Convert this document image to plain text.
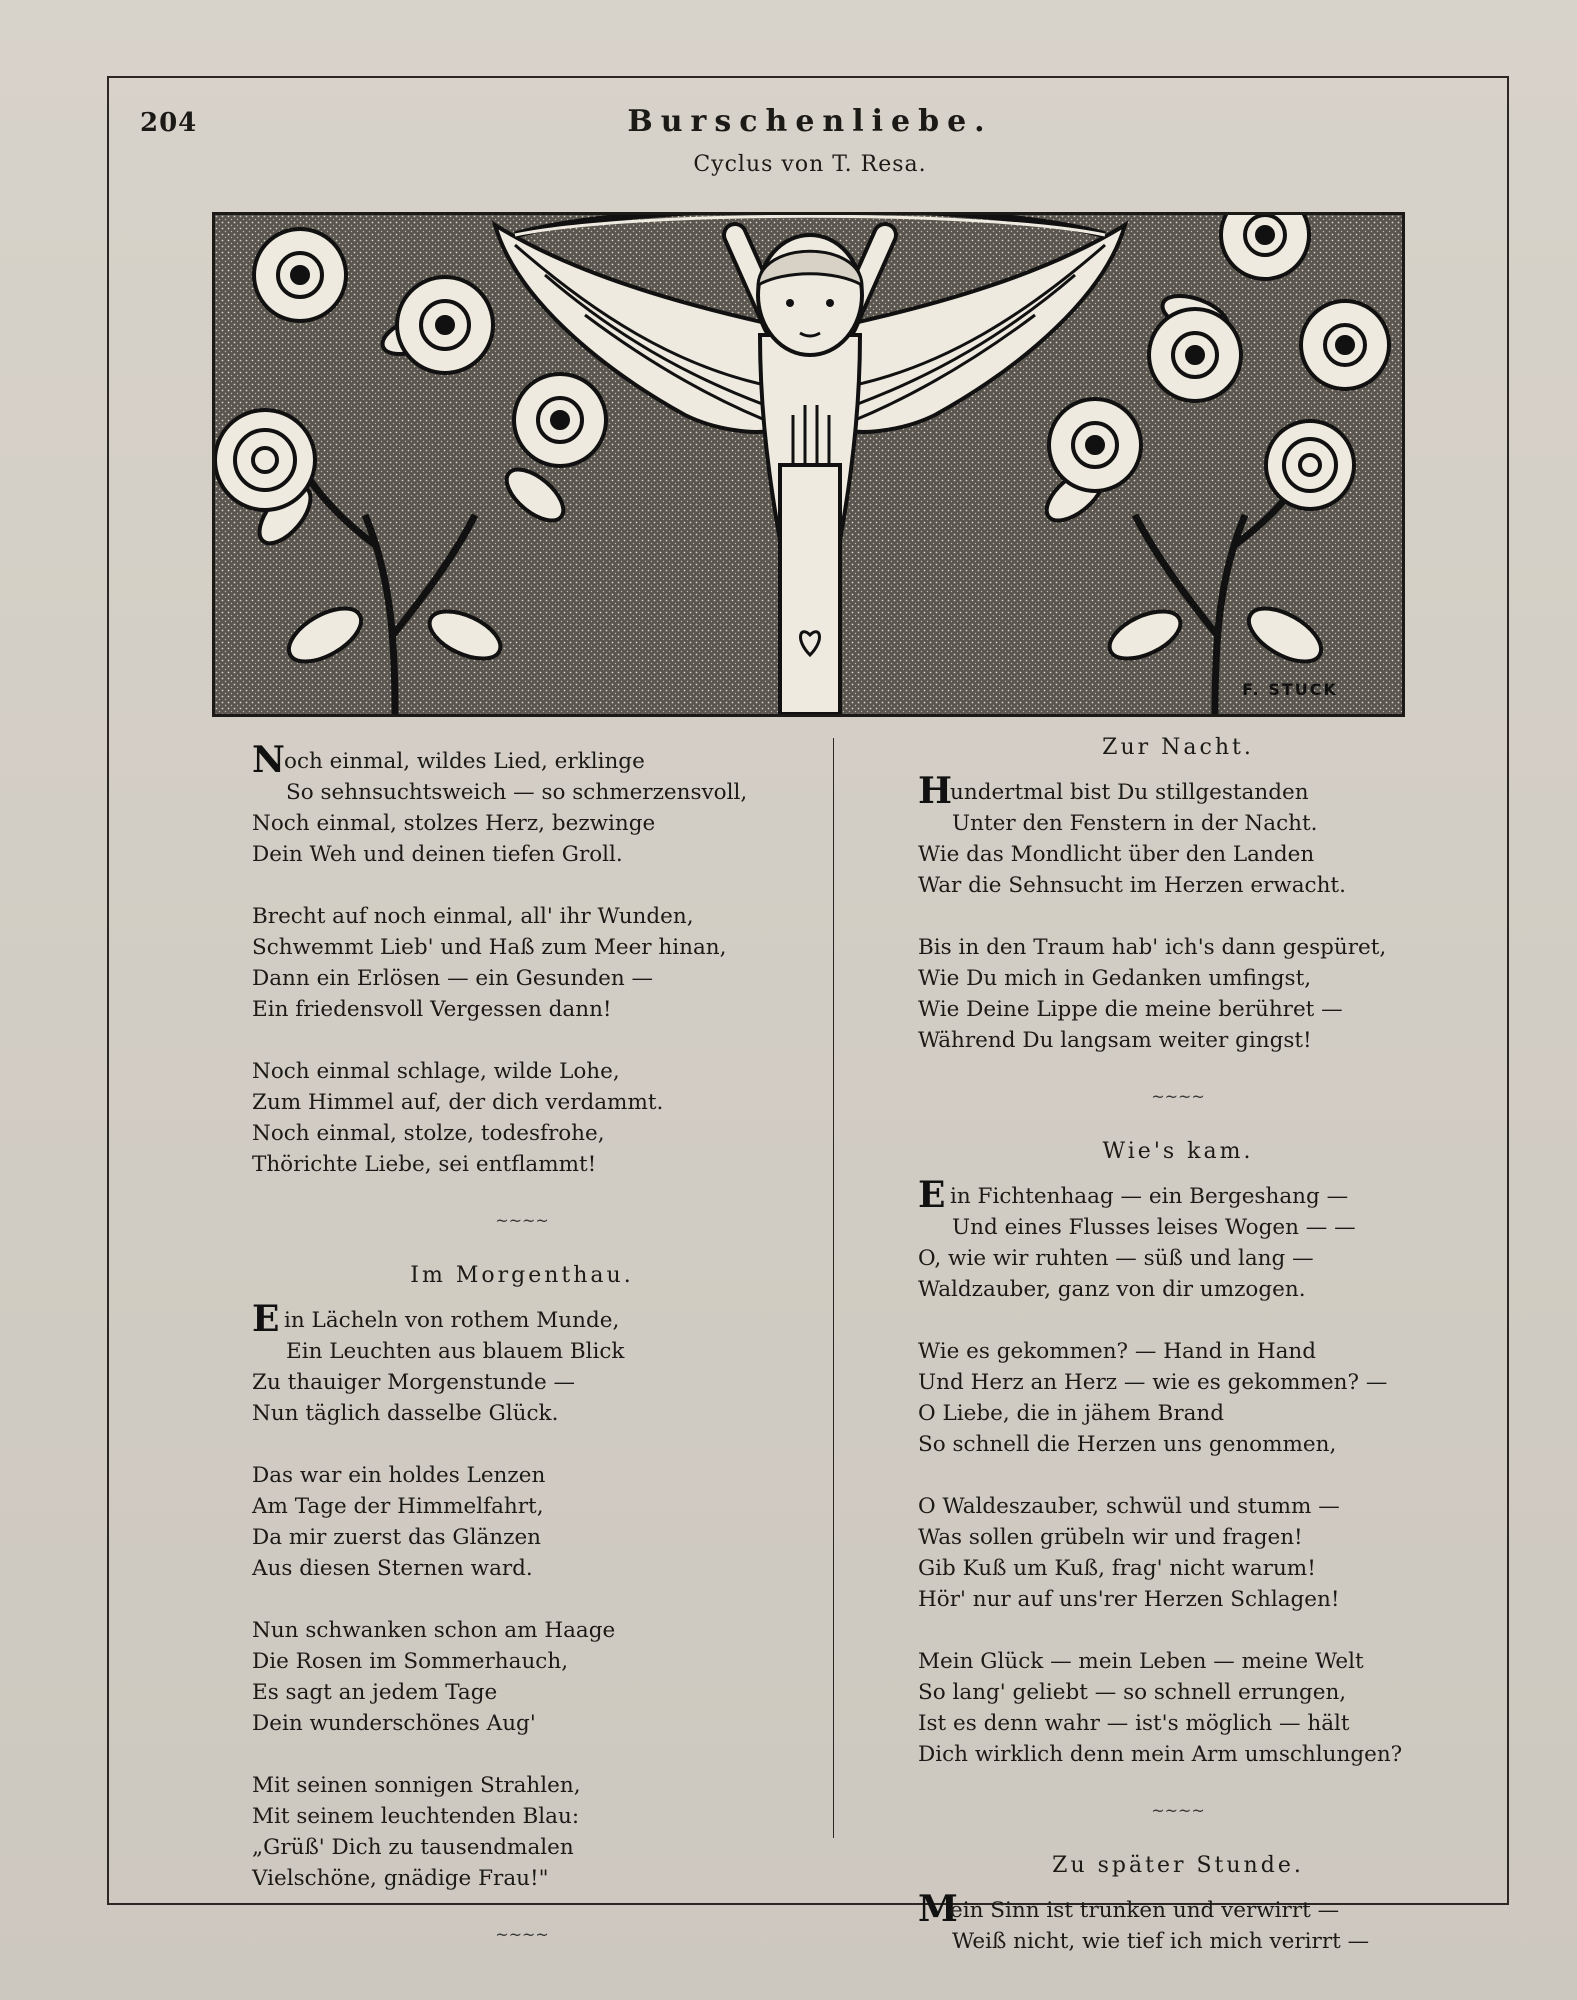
204	Burschenliebe.
Cyclus von T. Resa.
F. STUCK
Noch einmal, wildes Lied, erklinge
So sehnsuchtsweich — so schmerzensvoll,
Noch einmal, stolzes Herz, bezwinge
Dein Weh und deinen tiefen Groll.
Brecht auf noch einmal, all' ihr Wunden,
Schwemmt Lieb' und Haß zum Meer hinan,
Dann ein Erlösen — ein Gesunden —
Ein friedensvoll Vergessen dann!
Noch einmal schlage, wilde Lohe,
Zum Himmel auf, der dich verdammt.
Noch einmal, stolze, todesfrohe,
Thörichte Liebe, sei entflammt!
~~~~
Im Morgenthau.
Ein Lächeln von rothem Munde,
Ein Leuchten aus blauem Blick
Zu thauiger Morgenstunde —
Nun täglich dasselbe Glück.
Das war ein holdes Lenzen
Am Tage der Himmelfahrt,
Da mir zuerst das Glänzen
Aus diesen Sternen ward.
Nun schwanken schon am Haage
Die Rosen im Sommerhauch,
Es sagt an jedem Tage
Dein wunderschönes Aug'
Mit seinen sonnigen Strahlen,
Mit seinem leuchtenden Blau:
„Grüß' Dich zu tausendmalen
Vielschöne, gnädige Frau!"
~~~~
Zur Nacht.
Hundertmal bist Du stillgestanden
Unter den Fenstern in der Nacht.
Wie das Mondlicht über den Landen
War die Sehnsucht im Herzen erwacht.
Bis in den Traum hab' ich's dann gespüret,
Wie Du mich in Gedanken umfingst,
Wie Deine Lippe die meine berühret —
Während Du langsam weiter gingst!
~~~~
Wie's kam.
Ein Fichtenhaag — ein Bergeshang —
Und eines Flusses leises Wogen — —
O, wie wir ruhten — süß und lang —
Waldzauber, ganz von dir umzogen.
Wie es gekommen? — Hand in Hand
Und Herz an Herz — wie es gekommen? —
O Liebe, die in jähem Brand
So schnell die Herzen uns genommen,
O Waldeszauber, schwül und stumm —
Was sollen grübeln wir und fragen!
Gib Kuß um Kuß, frag' nicht warum!
Hör' nur auf uns'rer Herzen Schlagen!
Mein Glück — mein Leben — meine Welt
So lang' geliebt — so schnell errungen,
Ist es denn wahr — ist's möglich — hält
Dich wirklich denn mein Arm umschlungen?
~~~~
Zu später Stunde.
Mein Sinn ist trunken und verwirrt —
Weiß nicht, wie tief ich mich verirrt —
